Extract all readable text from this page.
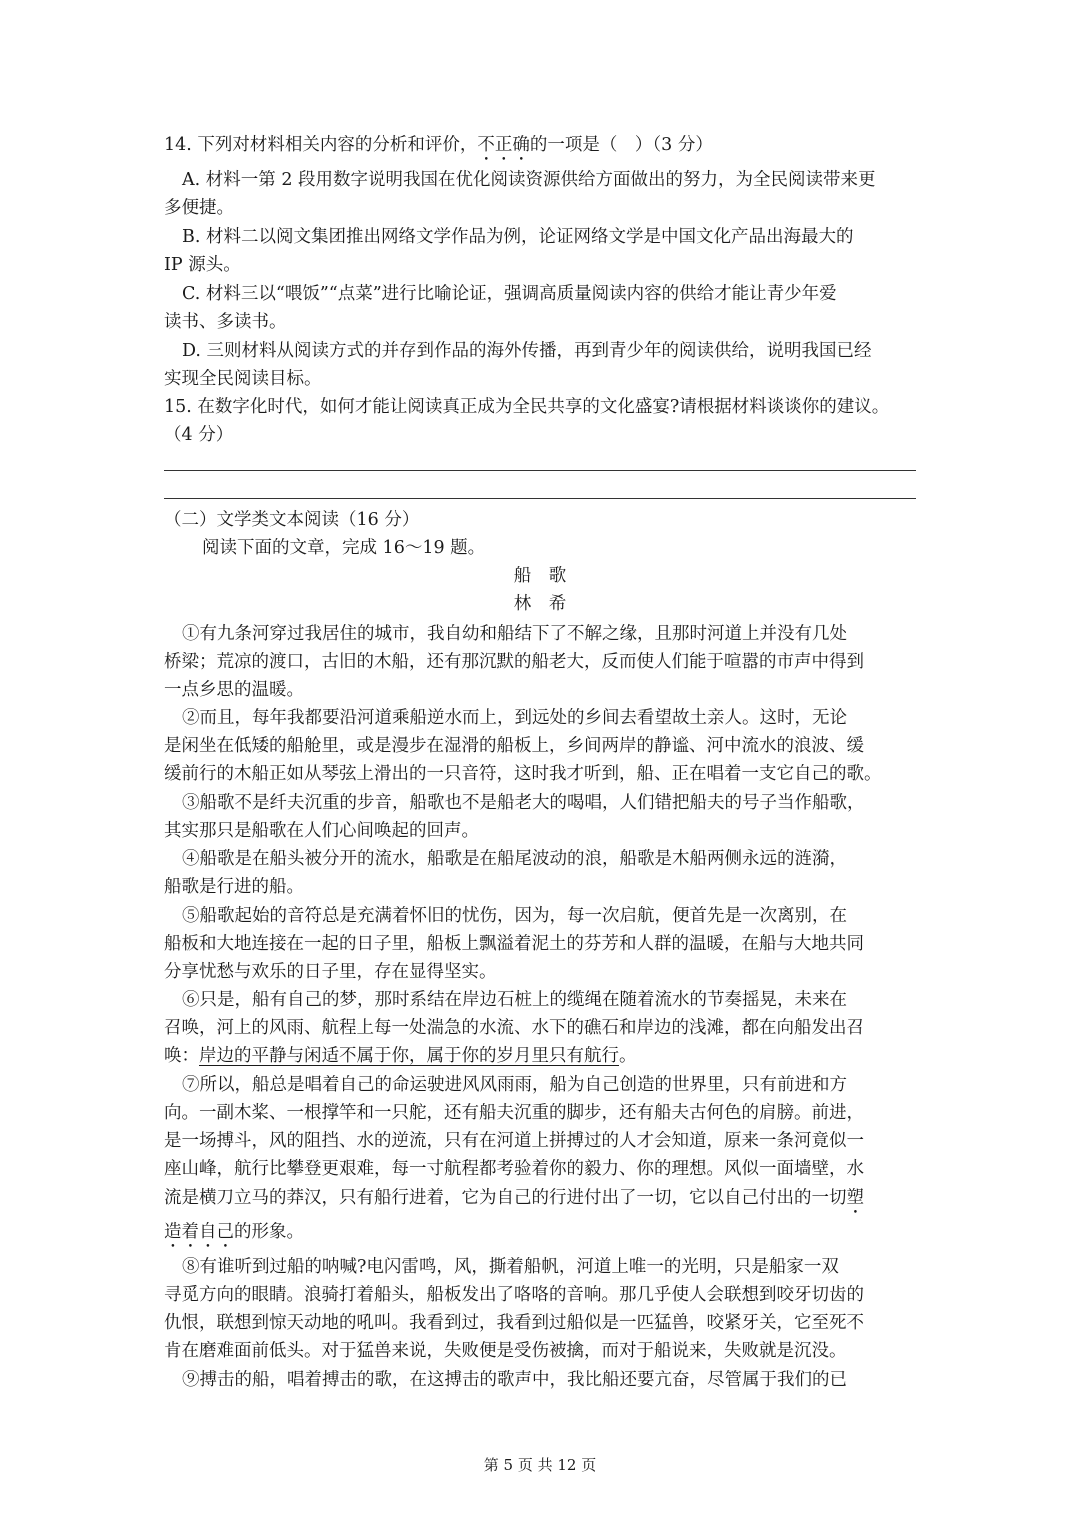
14. 下列对材料相关内容的分析和评价，不正确的一项是（　）（3 分）
A. 材料一第 2 段用数字说明我国在优化阅读资源供给方面做出的努力，为全民阅读带来更
多便捷。
B. 材料二以阅文集团推出网络文学作品为例，论证网络文学是中国文化产品出海最大的
IP 源头。
C. 材料三以“喂饭”“点菜”进行比喻论证，强调高质量阅读内容的供给才能让青少年爱
读书、多读书。
D. 三则材料从阅读方式的并存到作品的海外传播，再到青少年的阅读供给，说明我国已经
实现全民阅读目标。
15. 在数字化时代，如何才能让阅读真正成为全民共享的文化盛宴?请根据材料谈谈你的建议。
（4 分）
（二）文学类文本阅读（16 分）
阅读下面的文章，完成 16～19 题。
船　歌
林　希
①有九条河穿过我居住的城市，我自幼和船结下了不解之缘，且那时河道上并没有几处
桥梁；荒凉的渡口，古旧的木船，还有那沉默的船老大，反而使人们能于喧嚣的市声中得到
一点乡思的温暖。
②而且，每年我都要沿河道乘船逆水而上，到远处的乡间去看望故土亲人。这时，无论
是闲坐在低矮的船舱里，或是漫步在湿滑的船板上，乡间两岸的静谧、河中流水的浪波、缓
缓前行的木船正如从琴弦上滑出的一只音符，这时我才听到，船、正在唱着一支它自己的歌。
③船歌不是纤夫沉重的步音，船歌也不是船老大的喝唱，人们错把船夫的号子当作船歌，
其实那只是船歌在人们心间唤起的回声。
④船歌是在船头被分开的流水，船歌是在船尾波动的浪，船歌是木船两侧永远的涟漪，
船歌是行进的船。
⑤船歌起始的音符总是充满着怀旧的忧伤，因为，每一次启航，便首先是一次离别，在
船板和大地连接在一起的日子里，船板上飘溢着泥土的芬芳和人群的温暖，在船与大地共同
分享忧愁与欢乐的日子里，存在显得坚实。
⑥只是，船有自己的梦，那时系结在岸边石桩上的缆绳在随着流水的节奏摇晃，未来在
召唤，河上的风雨、航程上每一处湍急的水流、水下的礁石和岸边的浅滩，都在向船发出召
唤：岸边的平静与闲适不属于你，属于你的岁月里只有航行。
⑦所以，船总是唱着自己的命运驶进风风雨雨，船为自己创造的世界里，只有前进和方
向。一副木桨、一根撑竿和一只舵，还有船夫沉重的脚步，还有船夫古何色的肩膀。前进，
是一场搏斗，风的阻挡、水的逆流，只有在河道上拼搏过的人才会知道，原来一条河竟似一
座山峰，航行比攀登更艰难，每一寸航程都考验着你的毅力、你的理想。风似一面墙壁，水
流是横刀立马的莽汉，只有船行进着，它为自己的行进付出了一切，它以自己付出的一切塑
造着自己的形象。
⑧有谁听到过船的呐喊?电闪雷鸣，风，撕着船帆，河道上唯一的光明，只是船家一双
寻觅方向的眼睛。浪骑打着船头，船板发出了咯咯的音响。那几乎使人会联想到咬牙切齿的
仇恨，联想到惊天动地的吼叫。我看到过，我看到过船似是一匹猛兽，咬紧牙关，它至死不
肯在磨难面前低头。对于猛兽来说，失败便是受伤被擒，而对于船说来，失败就是沉没。
⑨搏击的船，唱着搏击的歌，在这搏击的歌声中，我比船还要亢奋，尽管属于我们的已
第 5 页 共 12 页
